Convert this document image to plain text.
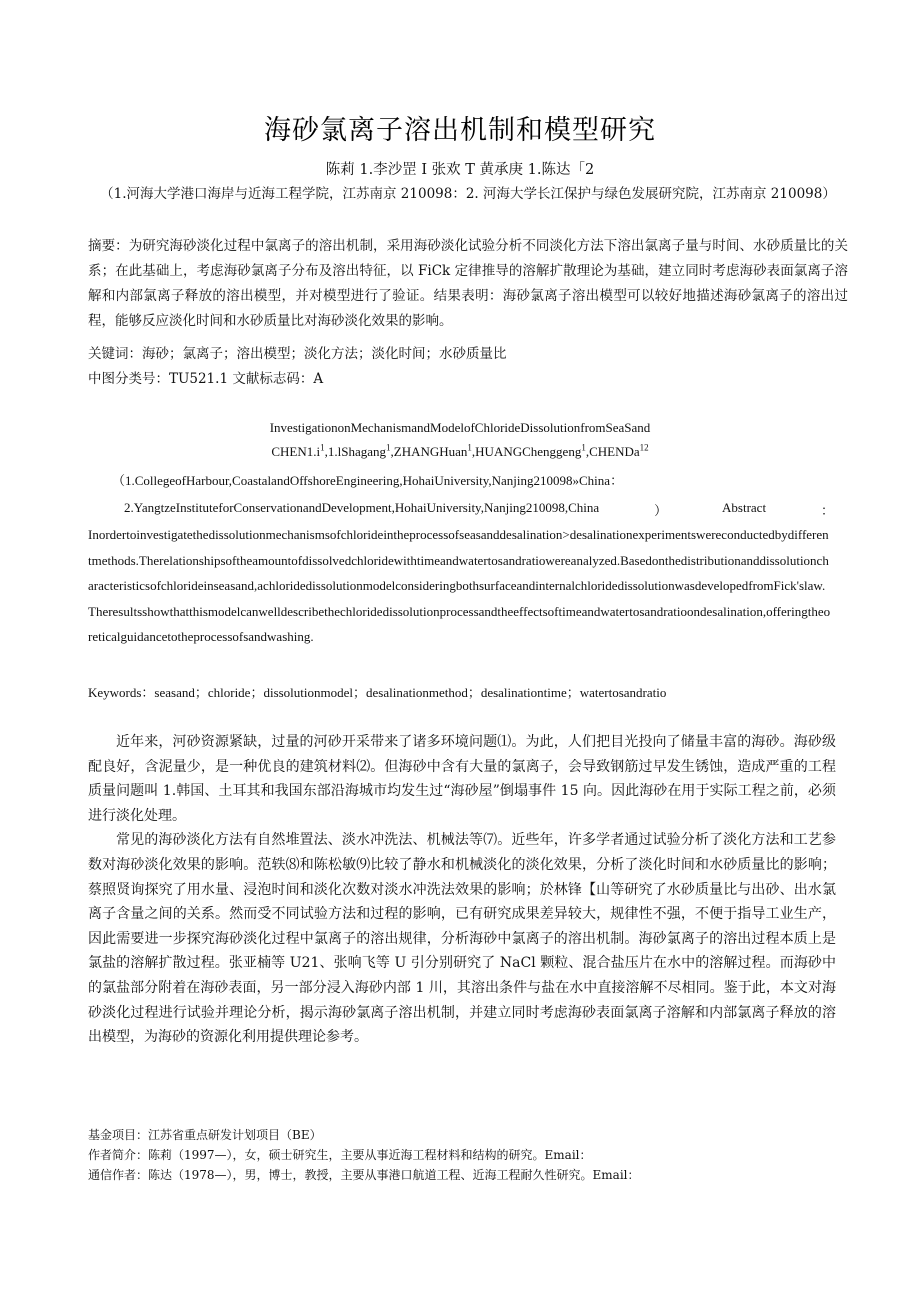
海砂氯离子溶出机制和模型研究
陈莉 1.李沙罡 I 张欢 T 黄承庚 1.陈达「2
（1.河海大学港口海岸与近海工程学院，江苏南京 210098：2. 河海大学长江保护与绿色发展研究院，江苏南京 210098）
摘要：为研究海砂淡化过程中氯离子的溶出机制，采用海砂淡化试验分析不同淡化方法下溶出氯离子量与时间、水砂质量比的关系；在此基础上，考虑海砂氯离子分布及溶出特征，以 FiCk 定律推导的溶解扩散理论为基础，建立同时考虑海砂表面氯离子溶解和内部氯离子释放的溶出模型，并对模型进行了验证。结果表明：海砂氯离子溶出模型可以较好地描述海砂氯离子的溶出过程，能够反应淡化时间和水砂质量比对海砂淡化效果的影响。
关键词：海砂；氯离子；溶出模型；淡化方法；淡化时间；水砂质量比
中图分类号：TU521.1 文献标志码：A
InvestigationonMechanismandModelofChlorideDissolutionfromSeaSand
$CHEN1.i^1,1.lShagang^1,ZHANGHuan^1,HUANGChenggeng^1,CHENDa^{12}$
（1.CollegeofHarbour,CoastalandOffshoreEngineering,HohaiUniversity,Nanjing210098»China：
2.YangtzeInstituteforConservationandDevelopment,HohaiUniversity,Nanjing210098,China	）	Abstract	：
Inordertoinvestigatethedissolutionmechanismsofchlorideintheprocessofseasanddesalination>desalinationexperimentswereconductedbydifferentmethods.Therelationshipsoftheamountofdissolvedchloridewithtimeandwatertosandratiowereanalyzed.Basedonthedistributionanddissolutioncharacteristicsofchlorideinseasand,achloridedissolutionmodelconsideringbothsurfaceandinternalchloridedissolutionwasdevelopedfromFick'slaw.Theresultsshowthatthismodelcanwelldescribethechloridedissolutionprocessandtheeffectsoftimeandwatertosandratioondesalination,offeringtheoreticalguidancetotheprocessofsandwashing.
Keywords：seasand；chloride；dissolutionmodel；desalinationmethod；desalinationtime；watertosandratio

近年来，河砂资源紧缺，过量的河砂开采带来了诸多环境问题⑴。为此，人们把目光投向了储量丰富的海砂。海砂级配良好，含泥量少，是一种优良的建筑材料⑵。但海砂中含有大量的氯离子，会导致钢筋过早发生锈蚀，造成严重的工程质量问题叫 1.韩国、土耳其和我国东部沿海城市均发生过“海砂屋”倒塌事件 15 向。因此海砂在用于实际工程之前，必须进行淡化处理。

常见的海砂淡化方法有自然堆置法、淡水冲洗法、机械法等⑺。近些年，许多学者通过试验分析了淡化方法和工艺参数对海砂淡化效果的影响。范轶⑻和陈松敏⑼比较了静水和机械淡化的淡化效果，分析了淡化时间和水砂质量比的影响；蔡照贤询探究了用水量、浸泡时间和淡化次数对淡水冲洗法效果的影响；於林锋【山等研究了水砂质量比与出砂、出水氯离子含量之间的关系。然而受不同试验方法和过程的影响，已有研究成果差异较大，规律性不强，不便于指导工业生产，因此需要进一步探究海砂淡化过程中氯离子的溶出规律，分析海砂中氯离子的溶出机制。海砂氯离子的溶出过程本质上是氯盐的溶解扩散过程。张亚楠等 U21、张响飞等 U 引分别研究了 NaCl 颗粒、混合盐压片在水中的溶解过程。而海砂中的氯盐部分附着在海砂表面，另一部分浸入海砂内部 1 川，其溶出条件与盐在水中直接溶解不尽相同。鉴于此，本文对海砂淡化过程进行试验并理论分析，揭示海砂氯离子溶出机制，并建立同时考虑海砂表面氯离子溶解和内部氯离子释放的溶出模型，为海砂的资源化利用提供理论参考。

基金项目：江苏省重点研发计划项目（BE）
作者简介：陈莉（1997—），女，硕士研究生，主要从事近海工程材料和结构的研究。Email：
通信作者：陈达（1978—），男，博士，教授，主要从事港口航道工程、近海工程耐久性研究。Email：
